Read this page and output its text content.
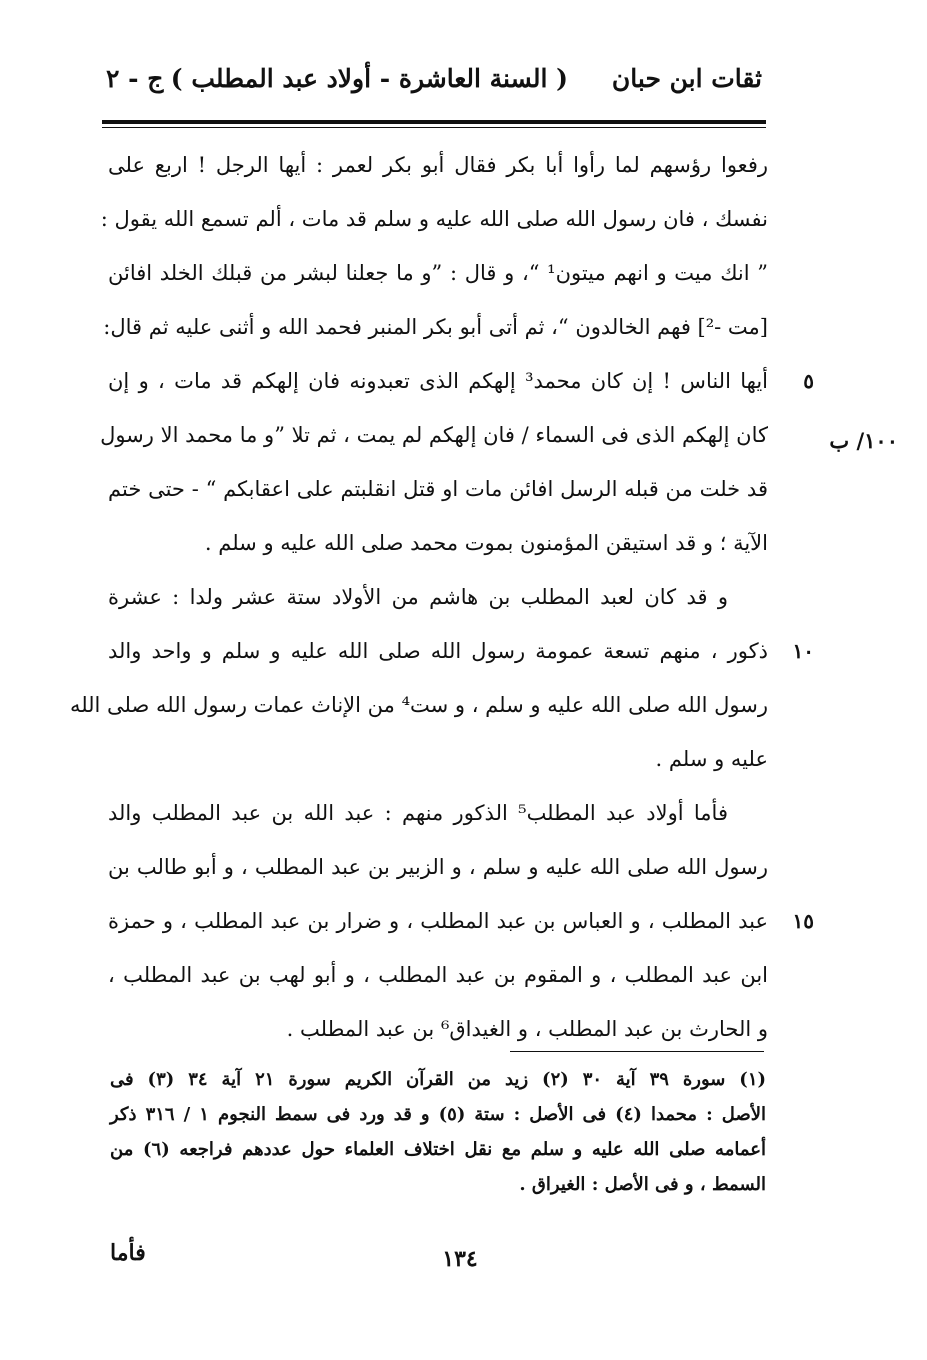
ثقات ابن حبان
( السنة العاشرة - أولاد عبد المطلب )
ج - ٢
١٠٠/ ب
رفعوا رؤسهم لما رأوا أبا بكر فقال أبو بكر لعمر : أيها الرجل ! اربع على
نفسك ، فان رسول الله صلى الله عليه و سلم قد مات ، ألم تسمع الله يقول :
” انك ميت و انهم ميتون¹ “، و قال : ”و ما جعلنا لبشر من قبلك الخلد افائن
[مت -²] فهم الخالدون “، ثم أتى أبو بكر المنبر فحمد الله و أثنى عليه ثم قال:
أيها الناس ! إن كان محمد³ إلهكم الذى تعبدونه فان إلهكم قد مات ، و إن	٥
كان إلهكم الذى فى السماء / فان إلهكم لم يمت ، ثم تلا ”و ما محمد الا رسول
قد خلت من قبله الرسل افائن مات او قتل انقلبتم على اعقابكم “ - حتى ختم
الآية ؛ و قد استيقن المؤمنون بموت محمد صلى الله عليه و سلم .
و قد كان لعبد المطلب بن هاشم من الأولاد ستة عشر ولدا : عشرة
ذكور ، منهم تسعة عمومة رسول الله صلى الله عليه و سلم و واحد والد	١٠
رسول الله صلى الله عليه و سلم ، و ست⁴ من الإناث عمات رسول الله صلى الله
عليه و سلم .
فأما أولاد عبد المطلب⁵ الذكور منهم : عبد الله بن عبد المطلب والد
رسول الله صلى الله عليه و سلم ، و الزبير بن عبد المطلب ، و أبو طالب بن
عبد المطلب ، و العباس بن عبد المطلب ، و ضرار بن عبد المطلب ، و حمزة	١٥
ابن عبد المطلب ، و المقوم بن عبد المطلب ، و أبو لهب بن عبد المطلب ،
و الحارث بن عبد المطلب ، و الغيداق⁶ بن عبد المطلب .
(١) سورة ٣٩ آية ٣٠ (٢) زيد من القرآن الكريم سورة ٢١ آية ٣٤ (٣) فى
الأصل : محمدا (٤) فى الأصل : ستة (٥) و قد ورد فى سمط النجوم ١ / ٣١٦ ذكر
أعمامه صلى الله عليه و سلم مع نقل اختلاف العلماء حول عددهم فراجعه (٦) من
السمط ، و فى الأصل : الغيراق .
١٣٤
فأما
